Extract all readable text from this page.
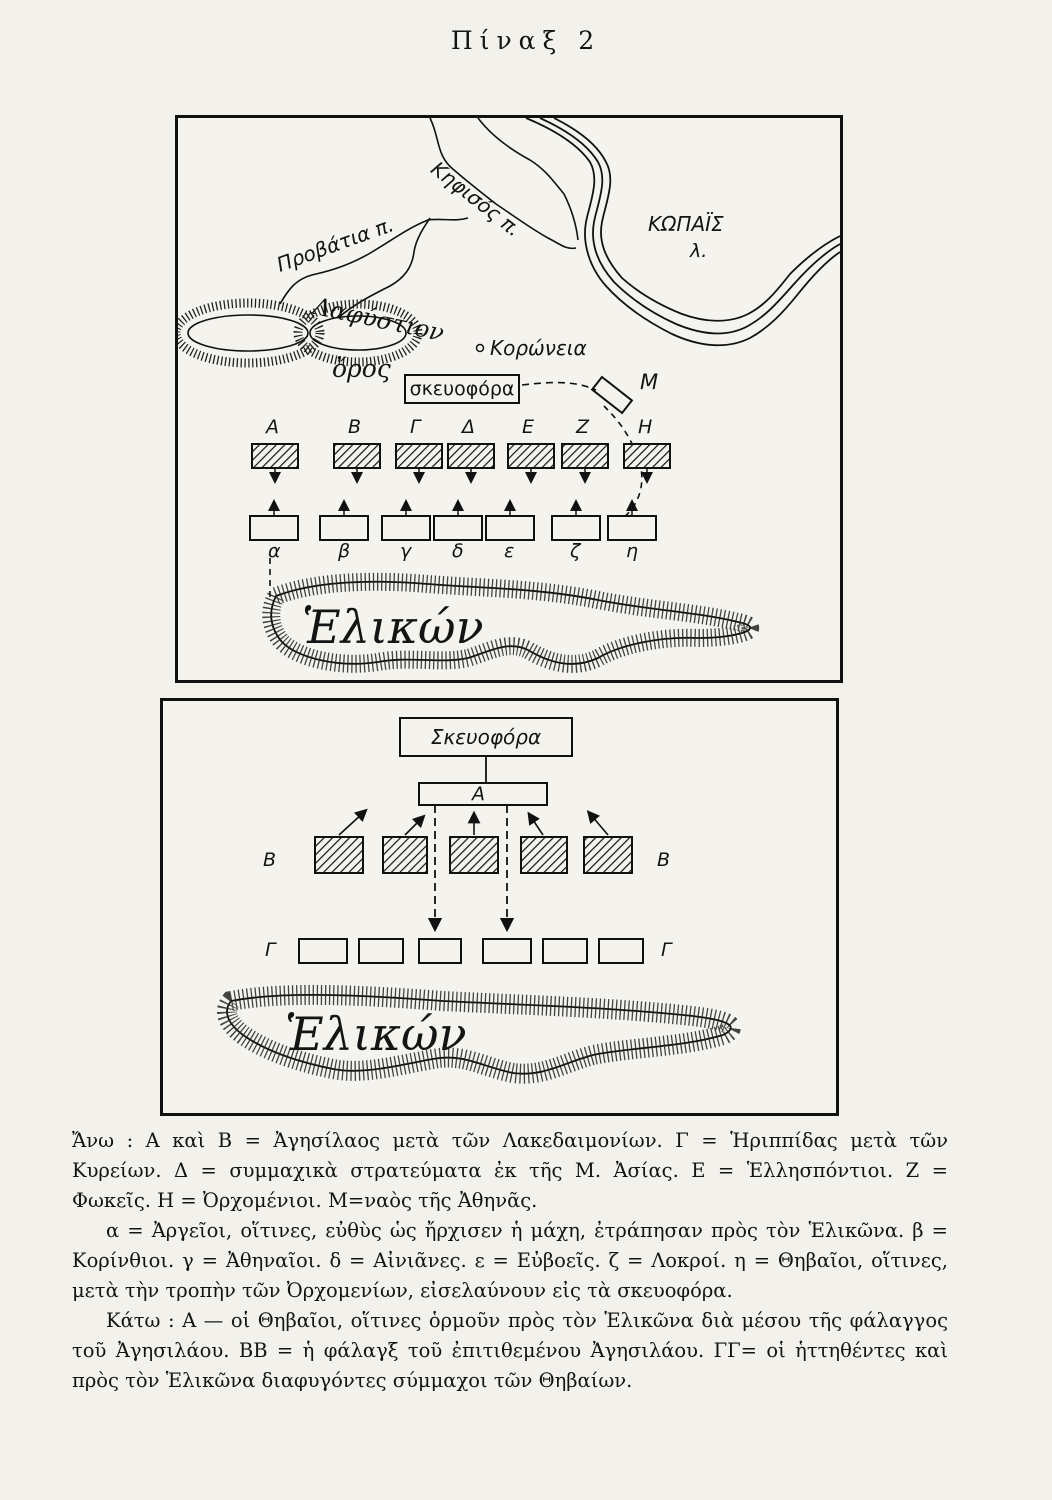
Πίναξ 2
Κηφισός π.	ΚΩΠΑΪΣ
λ.
Προβάτια π.
Λαφύστιον
ὄρος
Κορώνεια
σκευοφόρα	Μ
Ἑλικών
Α	Β	Γ Δ Ε Ζ	Η
α	β	γ δ ε	ζ η
Σκευοφόρα
Α
Β	Β
Γ	Γ
Ἑλικών

Ἄνω : Α καὶ Β = Ἀγησίλαος μετὰ τῶν Λακεδαιμονίων. Γ = Ἡριππίδας μετὰ τῶν Κυρείων. Δ = συμμαχικὰ στρατεύματα ἐκ τῆς Μ. Ἀσίας. Ε = Ἑλλησπόντιοι. Ζ = Φωκεῖς. Η = Ὀρχομένιοι. Μ=ναὸς τῆς Ἀθηνᾶς.

α = Ἀργεῖοι, οἵτινες, εὐθὺς ὡς ἤρχισεν ἡ μάχη, ἐτράπησαν πρὸς τὸν Ἑλικῶνα. β = Κορίνθιοι. γ = Ἀθηναῖοι. δ = Αἰνιᾶνες. ε = Εὐβοεῖς. ζ = Λοκροί. η = Θηβαῖοι, οἵτινες, μετὰ τὴν τροπὴν τῶν Ὀρχομενίων, εἰσελαύνουν εἰς τὰ σκευοφόρα.

Κάτω : Α — οἱ Θηβαῖοι, οἵτινες ὁρμοῦν πρὸς τὸν Ἑλικῶνα διὰ μέσου τῆς φάλαγγος τοῦ Ἀγησιλάου. ΒΒ = ἡ φάλαγξ τοῦ ἐπιτιθεμένου Ἀγησιλάου. ΓΓ= οἱ ἡττηθέντες καὶ πρὸς τὸν Ἑλικῶνα διαφυγόντες σύμμαχοι τῶν Θηβαίων.
